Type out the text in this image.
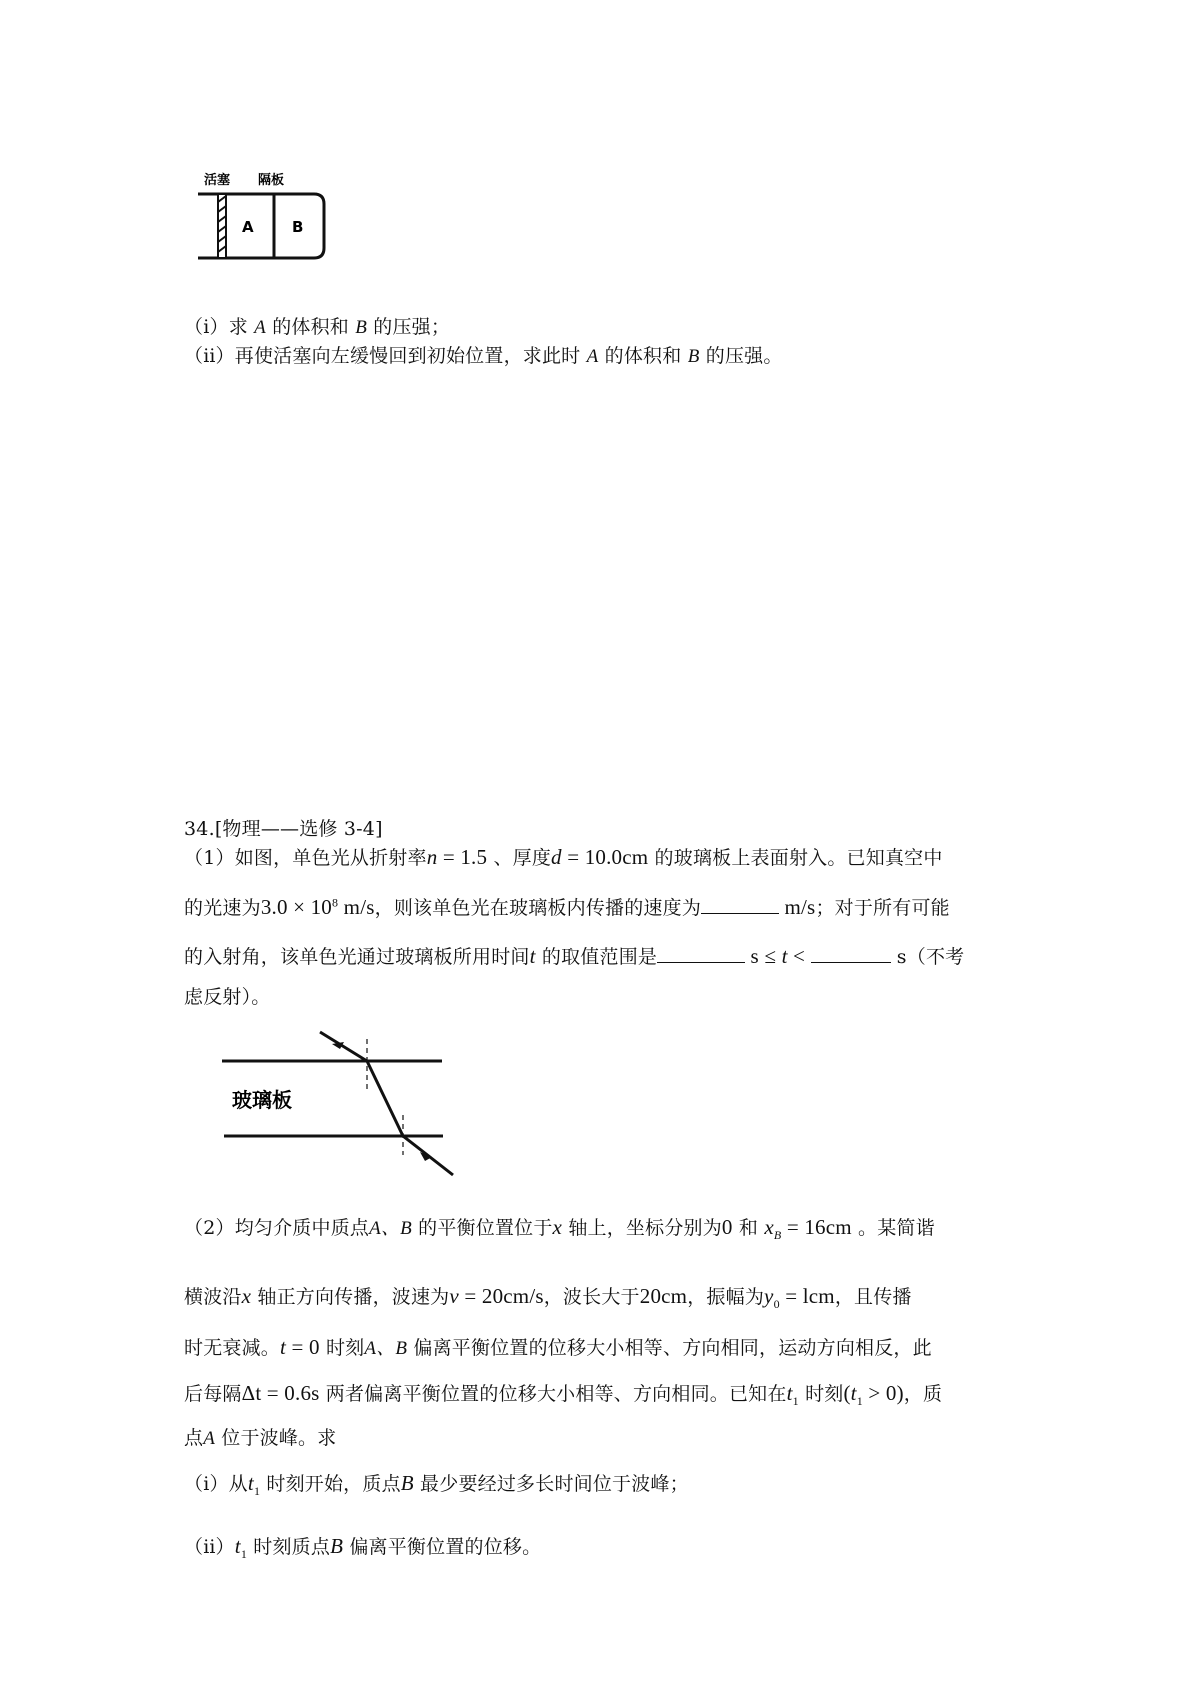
活塞 隔板
A	B
（ⅰ）求 A 的体积和 B 的压强；
（ⅱ）再使活塞向左缓慢回到初始位置，求此时 A 的体积和 B 的压强。
34.[物理——选修 3-4]
（1）如图，单色光从折射率n = 1.5 、厚度d = 10.0cm 的玻璃板上表面射入。已知真空中
的光速为$3.0 \times 10^8$ m/s，则该单色光在玻璃板内传播的速度为	m/s；对于所有可能
的入射角，该单色光通过玻璃板所用时间t 的取值范围是	s ≤ t <	s（不考
虑反射）。
玻璃板
（2）均匀介质中质点A、B 的平衡位置位于x 轴上，坐标分别为0 和 $x_B = 16cm$ 。某简谐
横波沿x 轴正方向传播，波速为v = 20cm/s，波长大于20cm，振幅为$y_0$ = lcm，且传播
时无衰减。t = 0 时刻A、B 偏离平衡位置的位移大小相等、方向相同，运动方向相反，此
后每隔Δt = 0.6s 两者偏离平衡位置的位移大小相等、方向相同。已知在$t_1$ 时刻$(t_1 > 0)$，质
点A 位于波峰。求
（ⅰ）从$t_1$ 时刻开始，质点B 最少要经过多长时间位于波峰；
$(ⅱ)t_1$ 时刻质点B 偏离平衡位置的位移。
